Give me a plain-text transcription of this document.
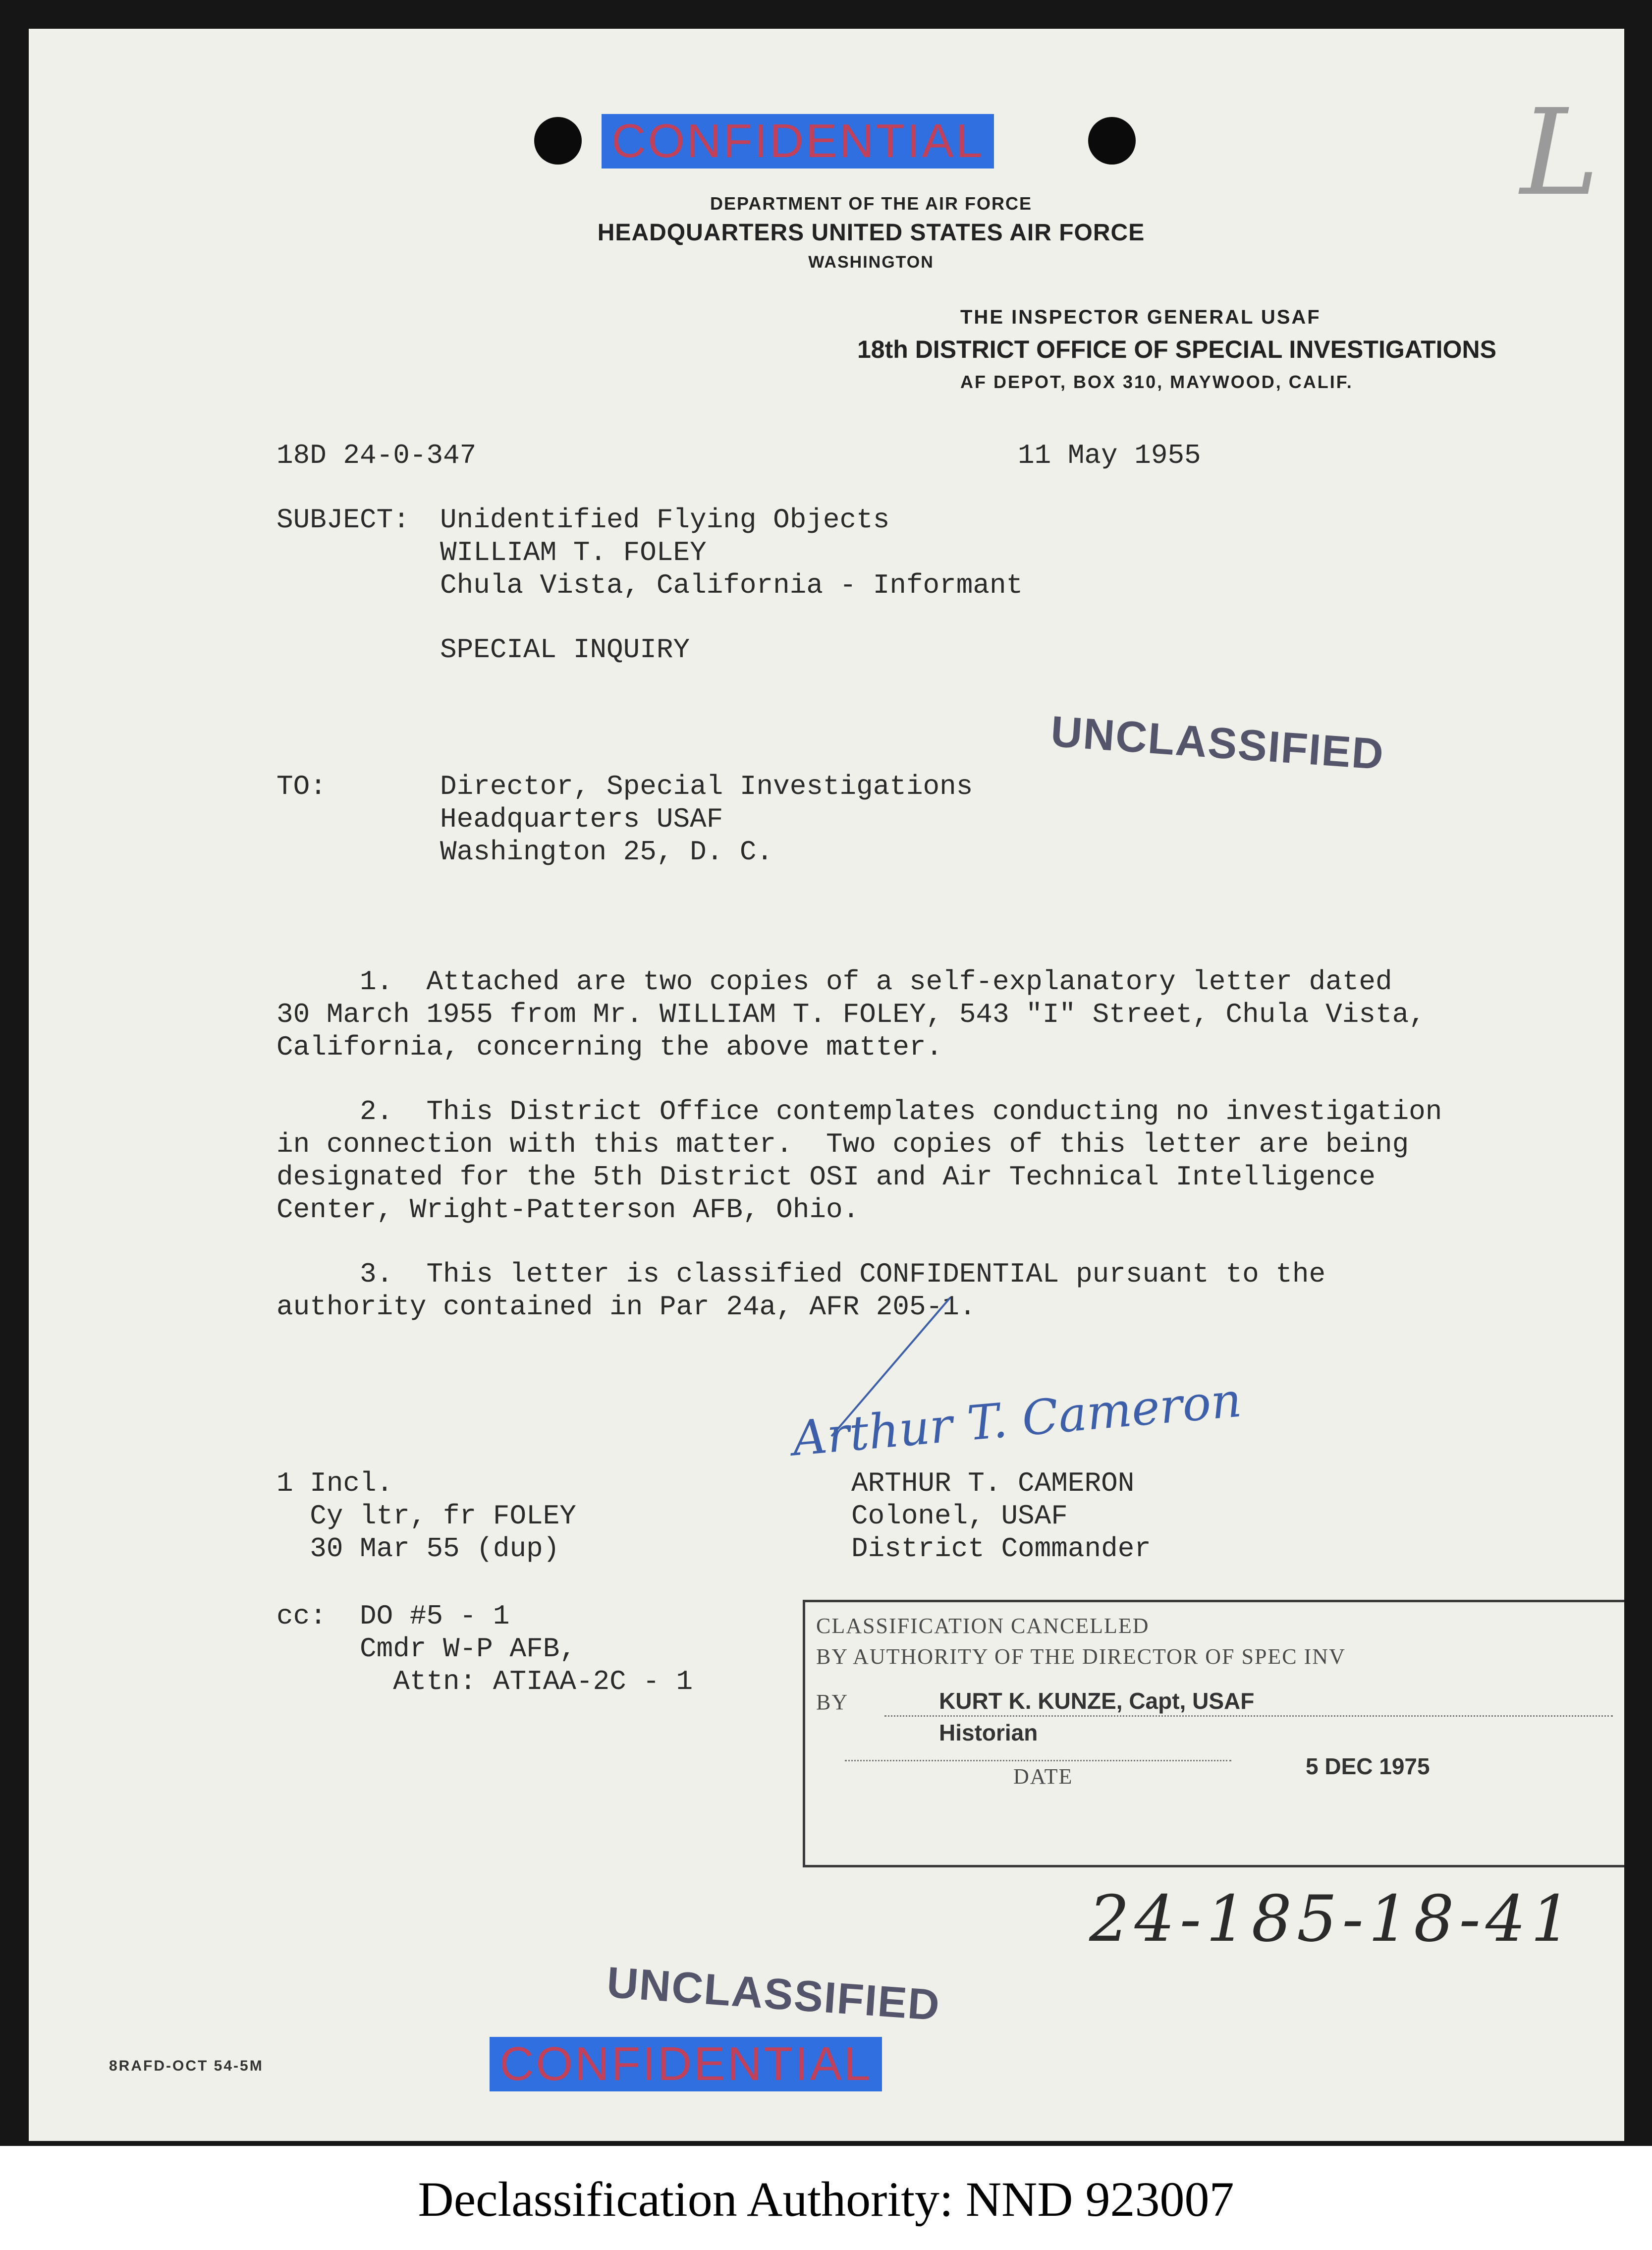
CONFIDENTIAL	L
DEPARTMENT OF THE AIR FORCE
HEADQUARTERS UNITED STATES AIR FORCE
WASHINGTON
THE INSPECTOR GENERAL USAF
18th DISTRICT OFFICE OF SPECIAL INVESTIGATIONS
AF DEPOT, BOX 310, MAYWOOD, CALIF.
18D 24-0-347	11 May 1955
SUBJECT: Unidentified Flying Objects
WILLIAM T. FOLEY
Chula Vista, California - Informant
SPECIAL INQUIRY
UNCLASSIFIED
TO:	Director, Special Investigations
Headquarters USAF
Washington 25, D. C.
1.  Attached are two copies of a self-explanatory letter dated
30 March 1955 from Mr. WILLIAM T. FOLEY, 543 "I" Street, Chula Vista,
California, concerning the above matter.
2.  This District Office contemplates conducting no investigation
in connection with this matter.  Two copies of this letter are being
designated for the 5th District OSI and Air Technical Intelligence
Center, Wright-Patterson AFB, Ohio.
3.  This letter is classified CONFIDENTIAL pursuant to the
authority contained in Par 24a, AFR 205-1.
Arthur T. Cameron
1 Incl.
Cy ltr, fr FOLEY
30 Mar 55 (dup)
ARTHUR T. CAMERON
Colonel, USAF
District Commander
cc:  DO #5 - 1
Cmdr W-P AFB,
Attn: ATIAA-2C - 1
CLASSIFICATION CANCELLED
BY AUTHORITY OF THE DIRECTOR OF SPEC INV
BY	KURT K. KUNZE, Capt, USAF
Historian
DATE	5 DEC 1975
24-185-18-41
UNCLASSIFIED
CONFIDENTIAL
8RAFD-OCT 54-5M
Declassification Authority: NND 923007
